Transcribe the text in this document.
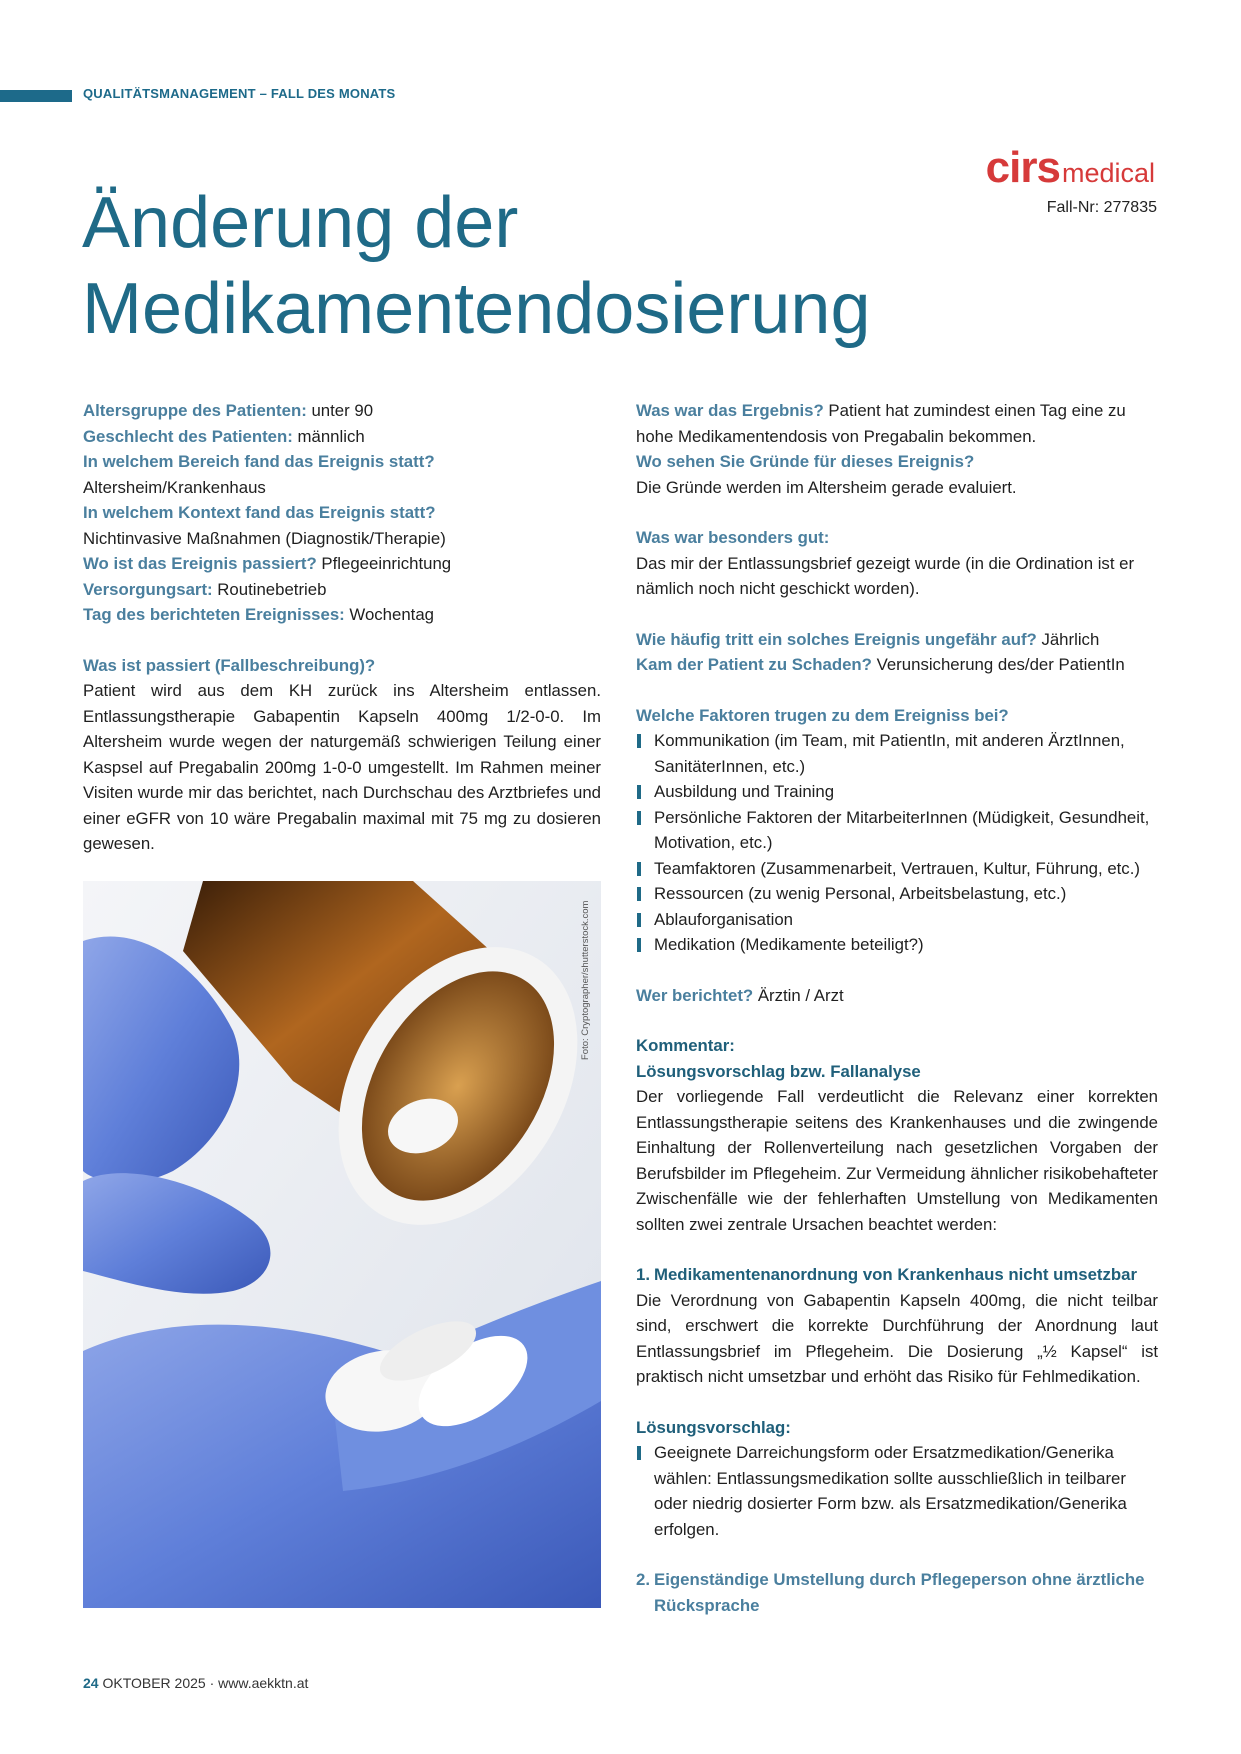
QUALITÄTSMANAGEMENT – FALL DES MONATS
cirsmedical
Fall-Nr: 277835
Änderung der
Medikamentendosierung

Altersgruppe des Patienten: unter 90

Geschlecht des Patienten: männlich

In welchem Bereich fand das Ereignis statt?

Altersheim/Krankenhaus

In welchem Kontext fand das Ereignis statt?

Nichtinvasive Maßnahmen (Diagnostik/Therapie)

Wo ist das Ereignis passiert? Pflegeeinrichtung

Versorgungsart: Routinebetrieb

Tag des berichteten Ereignisses: Wochentag

Was ist passiert (Fallbeschreibung)?

Patient wird aus dem KH zurück ins Altersheim entlassen. Entlassungstherapie Gabapentin Kapseln 400mg 1/2-0-0. Im Altersheim wurde wegen der naturgemäß schwierigen Teilung einer Kaspsel auf Pregabalin 200mg 1-0-0 umgestellt. Im Rahmen meiner Visiten wurde mir das berichtet, nach Durchschau des Arztbriefes und einer eGFR von 10 wäre Pregabalin maximal mit 75 mg zu dosieren gewesen.

Foto: Cryptographer/shutterstock.com

Was war das Ergebnis? Patient hat zumindest einen Tag eine zu hohe Medikamentendosis von Pregabalin bekommen.

Wo sehen Sie Gründe für dieses Ereignis?

Die Gründe werden im Altersheim gerade evaluiert.

Was war besonders gut:

Das mir der Entlassungsbrief gezeigt wurde (in die Ordination ist er nämlich noch nicht geschickt worden).

Wie häufig tritt ein solches Ereignis ungefähr auf? Jährlich

Kam der Patient zu Schaden? Verunsicherung des/der PatientIn

Welche Faktoren trugen zu dem Ereigniss bei?

Kommunikation (im Team, mit PatientIn, mit anderen ÄrztInnen, SanitäterInnen, etc.)
Ausbildung und Training
Persönliche Faktoren der MitarbeiterInnen (Müdigkeit, Gesundheit, Motivation, etc.)
Teamfaktoren (Zusammenarbeit, Vertrauen, Kultur, Führung, etc.)
Ressourcen (zu wenig Personal, Arbeitsbelastung, etc.)
Ablauforganisation
Medikation (Medikamente beteiligt?)

Wer berichtet? Ärztin / Arzt

Kommentar:

Lösungsvorschlag bzw. Fallanalyse

Der vorliegende Fall verdeutlicht die Relevanz einer korrekten Entlassungstherapie seitens des Krankenhauses und die zwingende Einhaltung der Rollenverteilung nach gesetzlichen Vorgaben der Berufsbilder im Pflegeheim. Zur Vermeidung ähnlicher risikobehafteter Zwischenfälle wie der fehlerhaften Umstellung von Medikamenten sollten zwei zentrale Ursachen beachtet werden:

1. Medikamentenanordnung von Krankenhaus nicht umsetzbar

Die Verordnung von Gabapentin Kapseln 400mg, die nicht teilbar sind, erschwert die korrekte Durchführung der Anordnung laut Entlassungsbrief im Pflegeheim. Die Dosierung „½ Kapsel“ ist praktisch nicht umsetzbar und erhöht das Risiko für Fehlmedikation.

Lösungsvorschlag:

Geeignete Darreichungsform oder Ersatzmedikation/Generika wählen: Entlassungsmedikation sollte ausschließlich in teilbarer oder niedrig dosierter Form bzw. als Ersatzmedikation/Generika erfolgen.
2. Eigenständige Umstellung durch Pflegeperson ohne ärztliche Rücksprache
24 OKTOBER 2025 · www.aekktn.at
